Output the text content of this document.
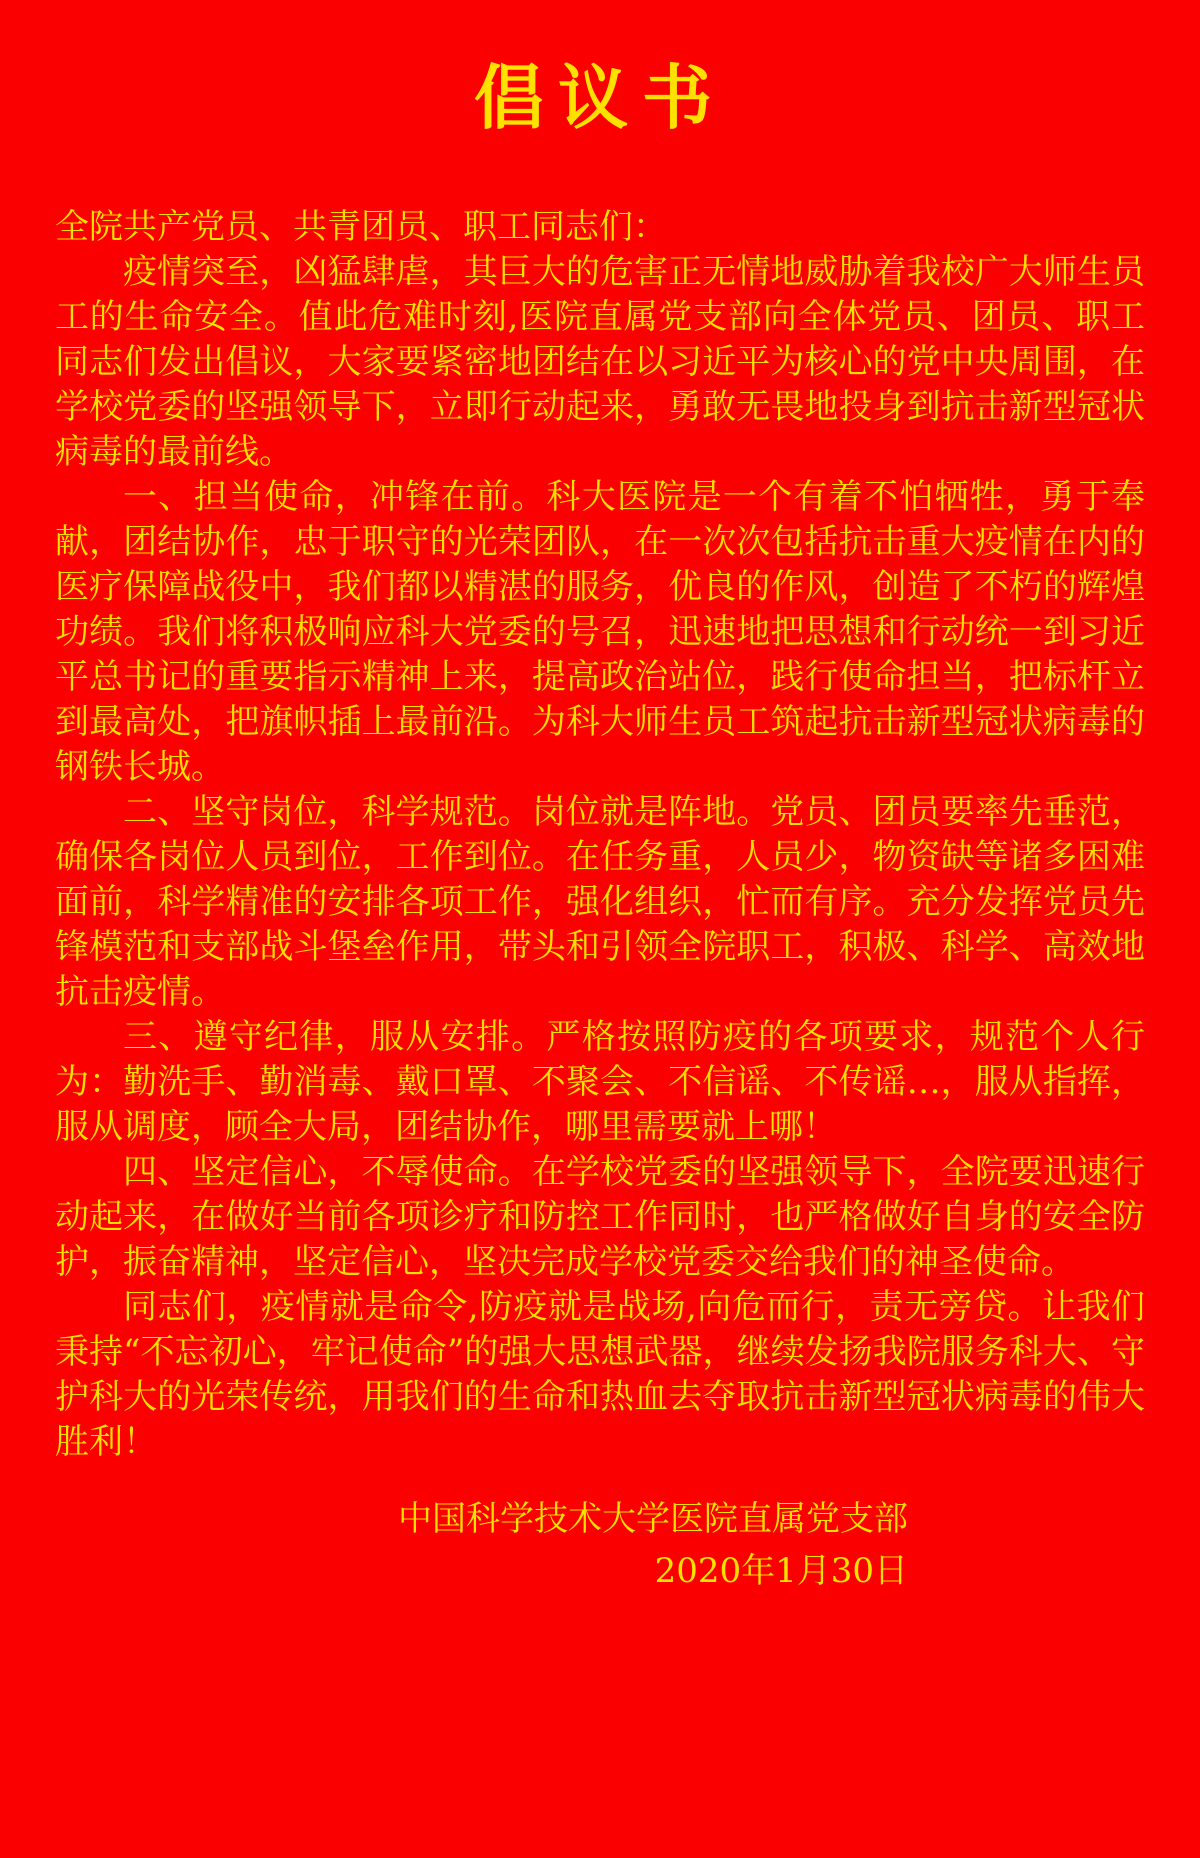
倡议书

全院共产党员、共青团员、职工同志们：

疫情突至，凶猛肆虐，其巨大的危害正无情地威胁着我校广大师生员工的生命安全。值此危难时刻,医院直属党支部向全体党员、团员、职工同志们发出倡议，大家要紧密地团结在以习近平为核心的党中央周围，在学校党委的坚强领导下，立即行动起来，勇敢无畏地投身到抗击新型冠状病毒的最前线。

一、担当使命，冲锋在前。科大医院是一个有着不怕牺牲，勇于奉献，团结协作，忠于职守的光荣团队，在一次次包括抗击重大疫情在内的医疗保障战役中，我们都以精湛的服务，优良的作风，创造了不朽的辉煌功绩。我们将积极响应科大党委的号召，迅速地把思想和行动统一到习近平总书记的重要指示精神上来，提高政治站位，践行使命担当，把标杆立到最高处，把旗帜插上最前沿。为科大师生员工筑起抗击新型冠状病毒的钢铁长城。

二、坚守岗位，科学规范。岗位就是阵地。党员、团员要率先垂范，确保各岗位人员到位，工作到位。在任务重，人员少，物资缺等诸多困难面前，科学精准的安排各项工作，强化组织，忙而有序。充分发挥党员先锋模范和支部战斗堡垒作用，带头和引领全院职工，积极、科学、高效地抗击疫情。

三、遵守纪律，服从安排。严格按照防疫的各项要求，规范个人行为：勤洗手、勤消毒、戴口罩、不聚会、不信谣、不传谣…，服从指挥，服从调度，顾全大局，团结协作，哪里需要就上哪！

四、坚定信心，不辱使命。在学校党委的坚强领导下，全院要迅速行动起来，在做好当前各项诊疗和防控工作同时，也严格做好自身的安全防护，振奋精神，坚定信心，坚决完成学校党委交给我们的神圣使命。

同志们，疫情就是命令,防疫就是战场,向危而行，责无旁贷。让我们秉持“不忘初心，牢记使命”的强大思想武器，继续发扬我院服务科大、守护科大的光荣传统，用我们的生命和热血去夺取抗击新型冠状病毒的伟大胜利！

中国科学技术大学医院直属党支部
2020年1月30日
